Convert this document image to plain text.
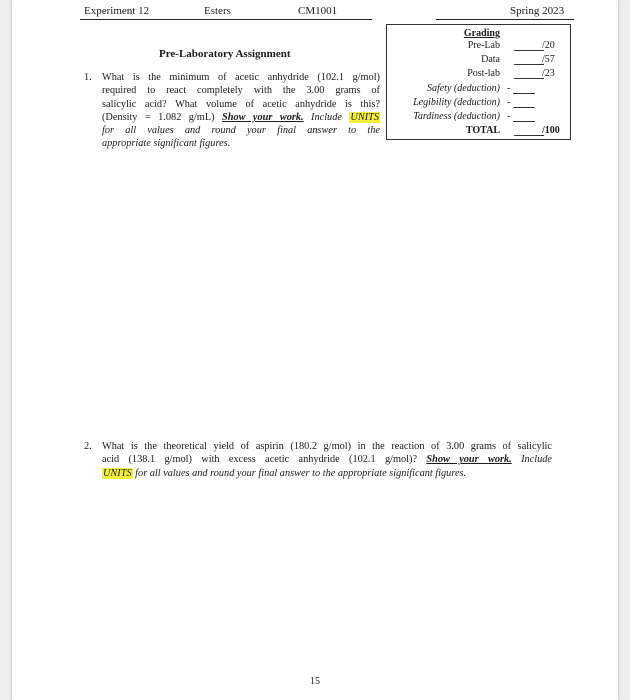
Experiment 12	Esters	CM1001	Spring 2023
Grading
Pre-Lab	/20
Data	/57
Post-lab	/23
Safety (deduction) -
Legibility (deduction) -
Tardiness (deduction) -
TOTAL	/100
Pre-Laboratory Assignment
1. What is the minimum of acetic anhydride (102.1 g/mol)
required to react completely with the 3.00 grams of
salicylic acid? What volume of acetic anhydride is this?
(Density = 1.082 g/mL) Show your work. Include UNITS
for all values and round your final answer to the
appropriate significant figures.
2. What is the theoretical yield of aspirin (180.2 g/mol) in the reaction of 3.00 grams of salicylic
acid (138.1 g/mol) with excess acetic anhydride (102.1 g/mol)? Show your work. Include
UNITS for all values and round your final answer to the appropriate significant figures.
15
